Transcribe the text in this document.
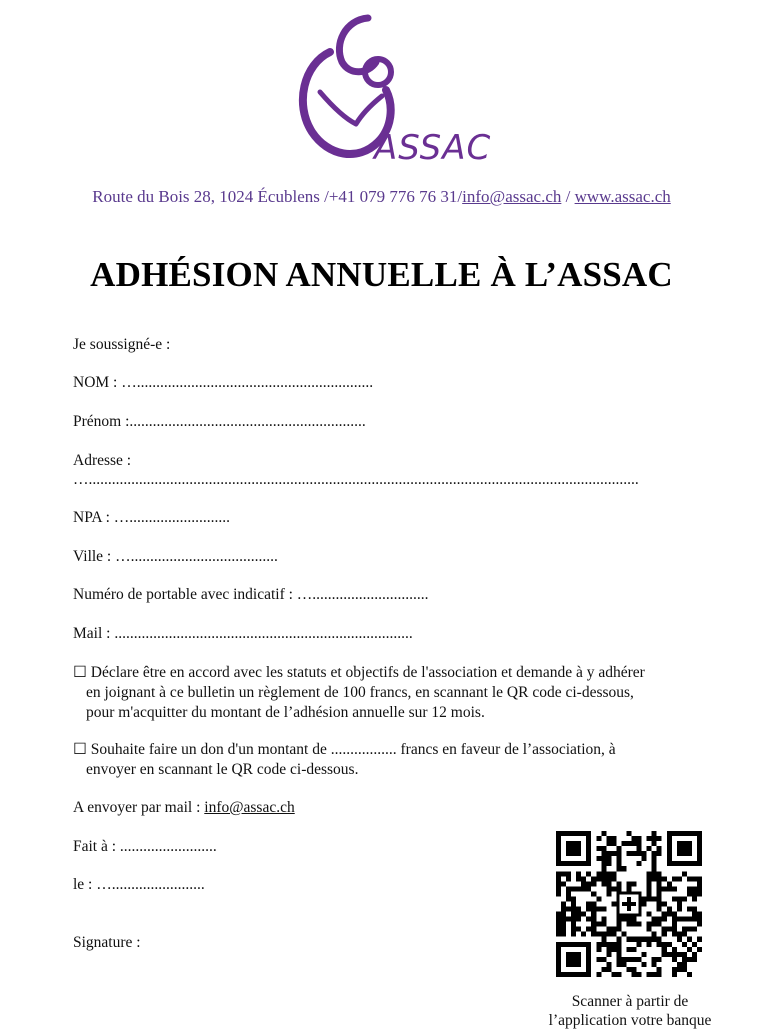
ASSAC
Route du Bois 28, 1024 Écublens /+41 079 776 76 31/info@assac.ch / www.assac.ch
ADHÉSION ANNUELLE À L’ASSAC
Je soussigné-e :
NOM : ….............................................................
Prénom :.............................................................
Adresse :
…..............................................................................................................................................
NPA : …..........................
Ville : …......................................
Numéro de portable avec indicatif : …..............................
Mail : .............................................................................
☐ Déclare être en accord avec les statuts et objectifs de l'association et demande à y adhérer
en joignant à ce bulletin un règlement de 100 francs, en scannant le QR code ci-dessous,
pour m'acquitter du montant de l’adhésion annuelle sur 12 mois.
☐ Souhaite faire un don d'un montant de ................. francs en faveur de l’association, à
envoyer en scannant le QR code ci-dessous.
A envoyer par mail : info@assac.ch
Fait à : .........................
le : …........................
Signature :
Scanner à partir de
l’application votre banque
